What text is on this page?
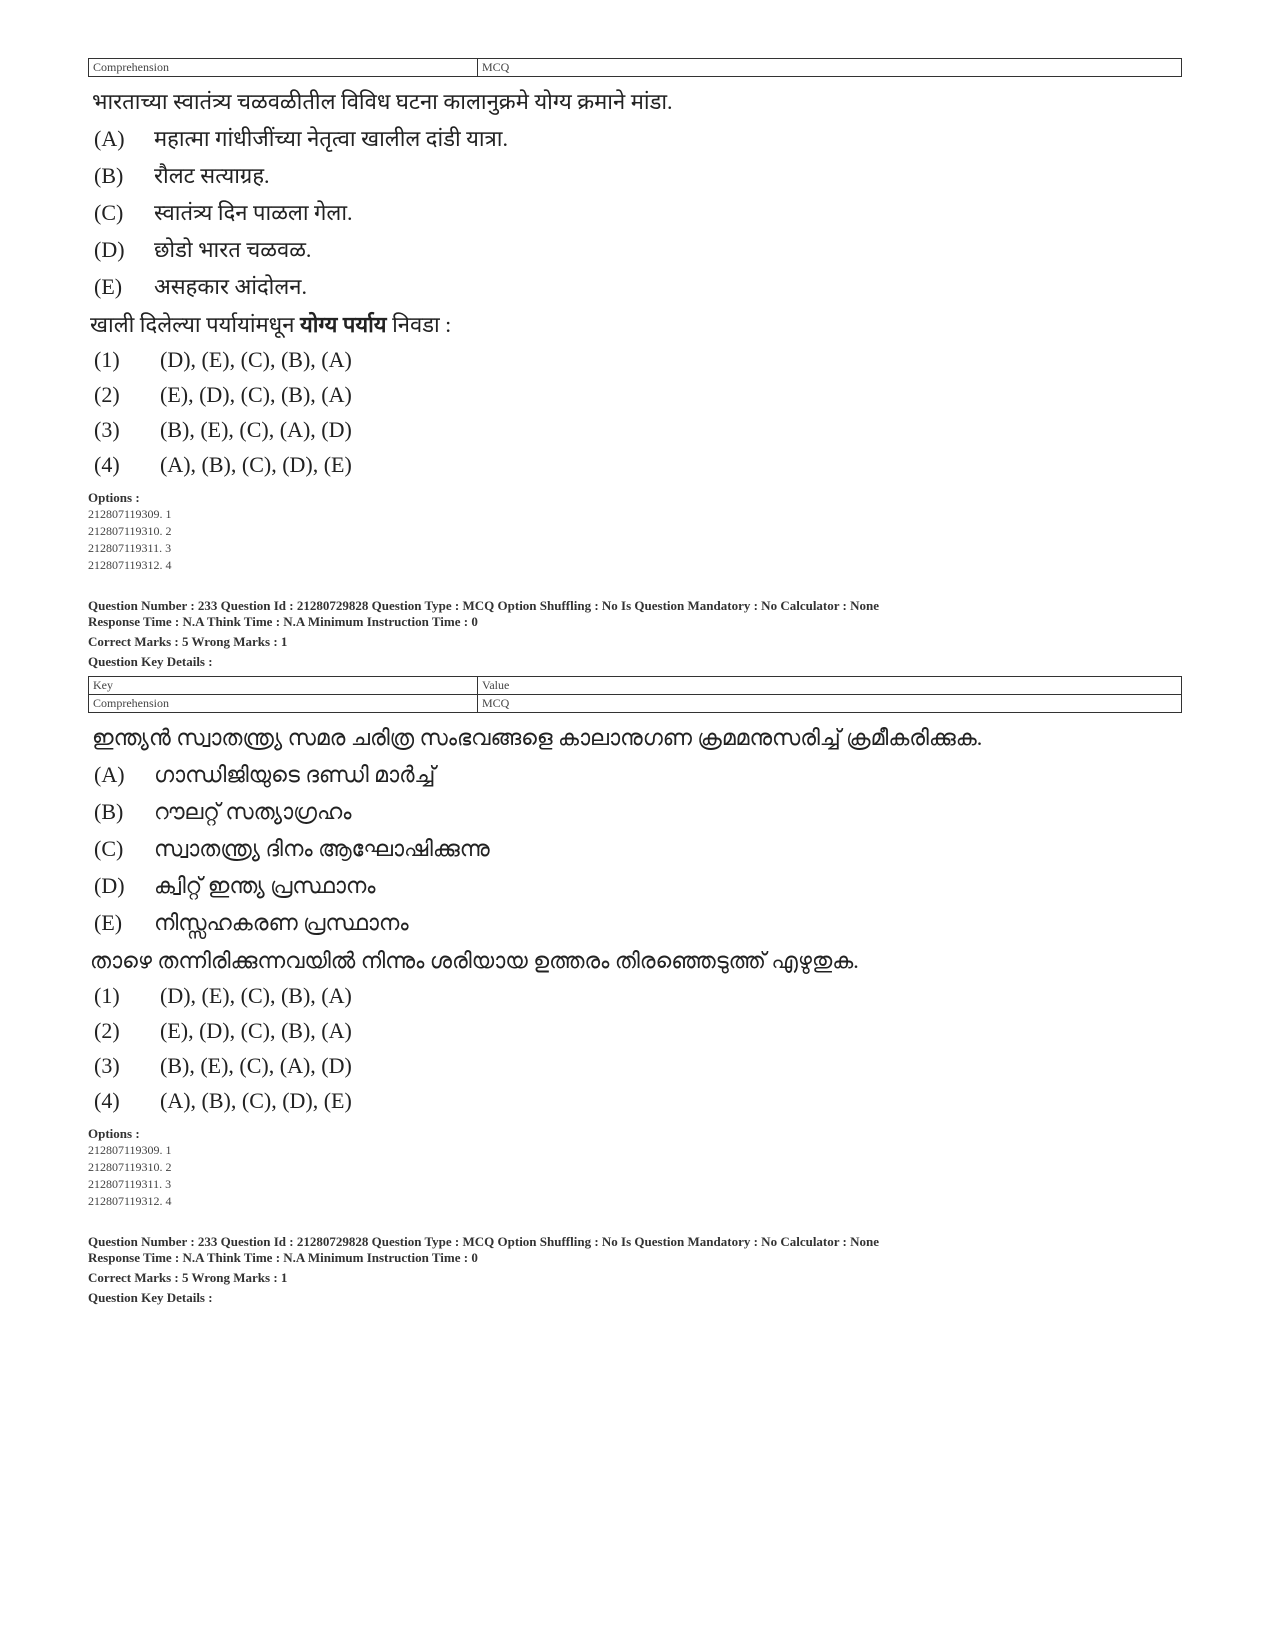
Comprehension	MCQ
भारताच्या स्वातंत्र्य चळवळीतील विविध घटना कालानुक्रमे योग्य क्रमाने मांडा.
(A)	महात्मा गांधीजींच्या नेतृत्वा खालील दांडी यात्रा.
(B)	रौलट सत्याग्रह.
(C)	स्वातंत्र्य दिन पाळला गेला.
(D)	छोडो भारत चळवळ.
(E)	असहकार आंदोलन.
खाली दिलेल्या पर्यायांमधून योग्य पर्याय निवडा :
(1)	(D), (E), (C), (B), (A)
(2)	(E), (D), (C), (B), (A)
(3)	(B), (E), (C), (A), (D)
(4)	(A), (B), (C), (D), (E)
Options :
212807119309. 1
212807119310. 2
212807119311. 3
212807119312. 4
Question Number : 233 Question Id : 21280729828 Question Type : MCQ Option Shuffling : No Is Question Mandatory : No Calculator : None
Response Time : N.A Think Time : N.A Minimum Instruction Time : 0
Correct Marks : 5 Wrong Marks : 1
Question Key Details :
Key	Value
Comprehension	MCQ
ഇന്ത്യൻ സ്വാതന്ത്ര്യ സമര ചരിത്ര സംഭവങ്ങളെ കാലാനുഗണ ക്രമമനുസരിച്ച് ക്രമീകരിക്കുക.
(A)	ഗാന്ധിജിയുടെ ദണ്ഡി മാർച്ച്
(B)	റൗലറ്റ് സത്യാഗ്രഹം
(C)	സ്വാതന്ത്ര്യ ദിനം ആഘോഷിക്കുന്നു
(D)	ക്വിറ്റ് ഇന്ത്യ പ്രസ്ഥാനം
(E)	നിസ്സഹകരണ പ്രസ്ഥാനം
താഴെ തന്നിരിക്കുന്നവയിൽ നിന്നും ശരിയായ ഉത്തരം തിരഞ്ഞെടുത്ത് എഴുതുക.
(1)	(D), (E), (C), (B), (A)
(2)	(E), (D), (C), (B), (A)
(3)	(B), (E), (C), (A), (D)
(4)	(A), (B), (C), (D), (E)
Options :
212807119309. 1
212807119310. 2
212807119311. 3
212807119312. 4
Question Number : 233 Question Id : 21280729828 Question Type : MCQ Option Shuffling : No Is Question Mandatory : No Calculator : None
Response Time : N.A Think Time : N.A Minimum Instruction Time : 0
Correct Marks : 5 Wrong Marks : 1
Question Key Details :
